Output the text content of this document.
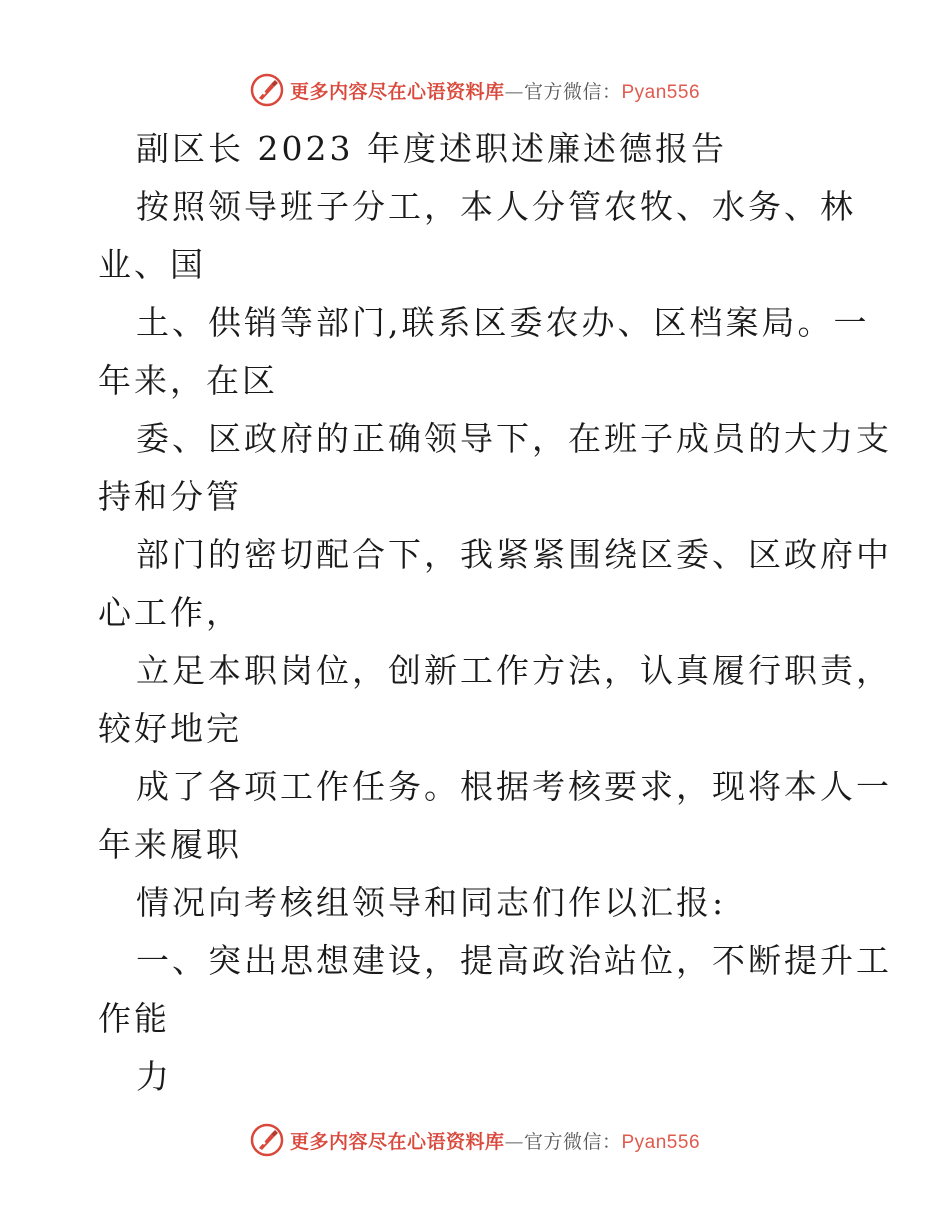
更多内容尽在心语资料库—官方微信：Pyan556
副区长 2023 年度述职述廉述德报告
按照领导班子分工，本人分管农牧、水务、林
业、国
土、供销等部门,联系区委农办、区档案局。一
年来，在区
委、区政府的正确领导下，在班子成员的大力支
持和分管
部门的密切配合下，我紧紧围绕区委、区政府中
心工作，
立足本职岗位，创新工作方法，认真履行职责，
较好地完
成了各项工作任务。根据考核要求，现将本人一
年来履职
情况向考核组领导和同志们作以汇报:
一、突出思想建设，提高政治站位，不断提升工
作能
力
更多内容尽在心语资料库—官方微信：Pyan556
